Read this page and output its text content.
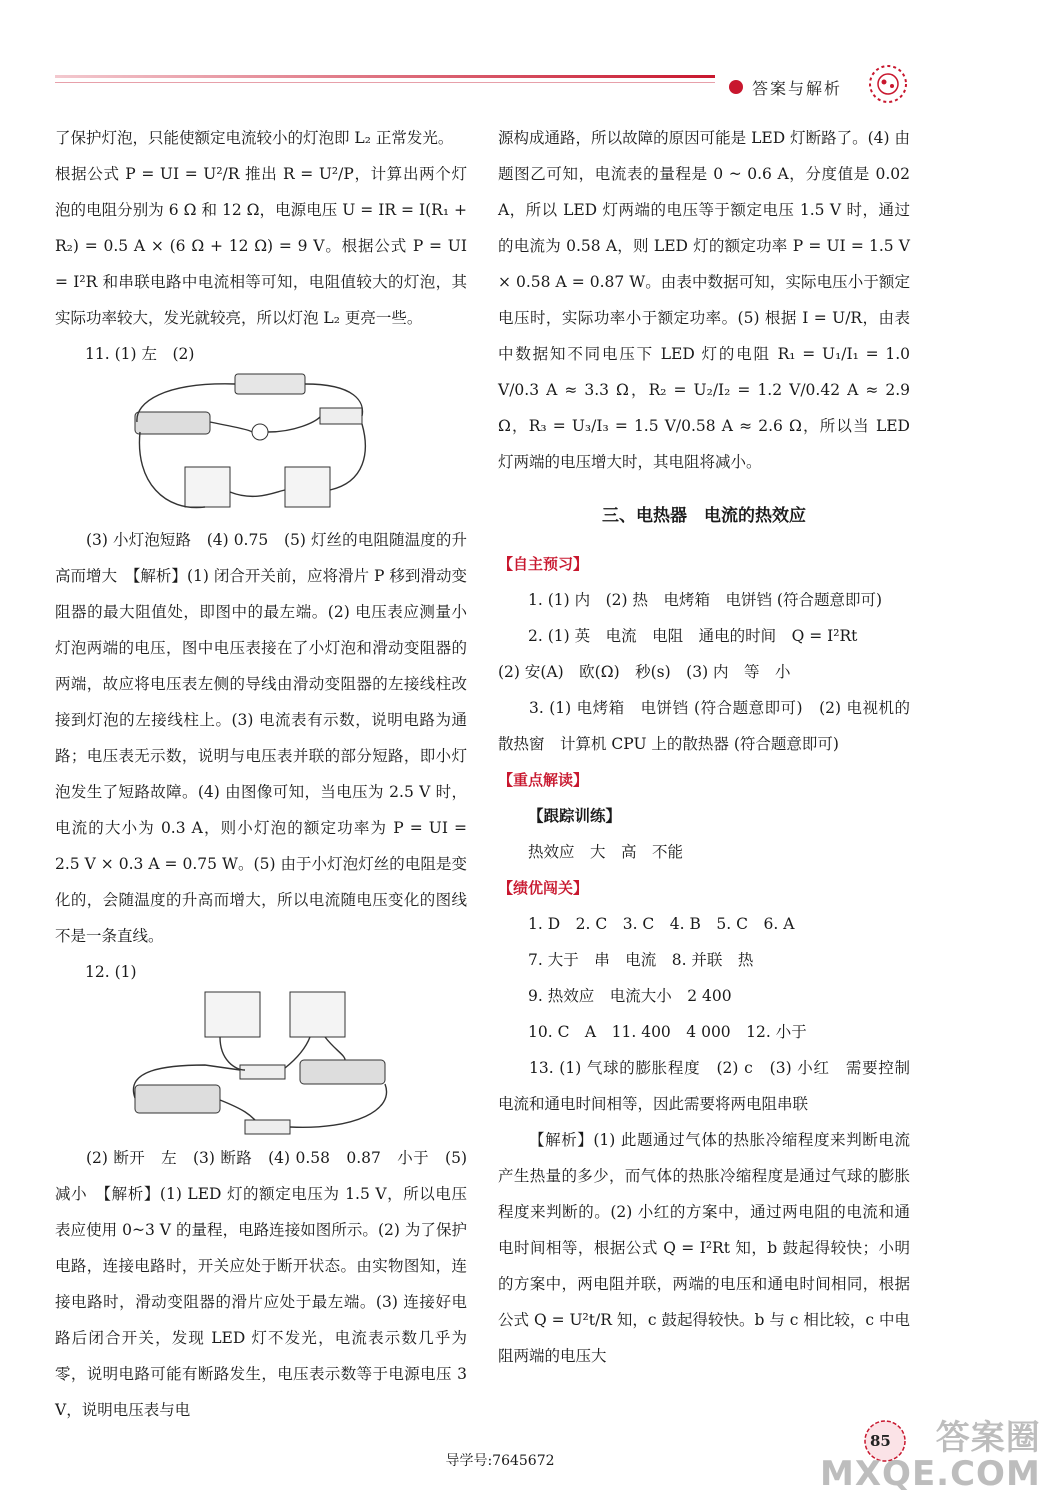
答案与解析

了保护灯泡，只能使额定电流较小的灯泡即 L₂ 正常发光。

根据公式 P = UI = U²/R 推出 R = U²/P，计算出两个灯泡的电阻分别为 6 Ω 和 12 Ω，电源电压 U = IR = I(R₁ + R₂) = 0.5 A × (6 Ω + 12 Ω) = 9 V。根据公式 P = UI = I²R 和串联电路中电流相等可知，电阻值较大的灯泡，其实际功率较大，发光就较亮，所以灯泡 L₂ 更亮一些。

11. (1) 左　(2)

(3) 小灯泡短路　(4) 0.75　(5) 灯丝的电阻随温度的升高而增大　【解析】(1) 闭合开关前，应将滑片 P 移到滑动变阻器的最大阻值处，即图中的最左端。(2) 电压表应测量小灯泡两端的电压，图中电压表接在了小灯泡和滑动变阻器的两端，故应将电压表左侧的导线由滑动变阻器的左接线柱改接到灯泡的左接线柱上。(3) 电流表有示数，说明电路为通路；电压表无示数，说明与电压表并联的部分短路，即小灯泡发生了短路故障。(4) 由图像可知，当电压为 2.5 V 时，电流的大小为 0.3 A，则小灯泡的额定功率为 P = UI = 2.5 V × 0.3 A = 0.75 W。(5) 由于小灯泡灯丝的电阻是变化的，会随温度的升高而增大，所以电流随电压变化的图线不是一条直线。

12. (1)

(2) 断开　左　(3) 断路　(4) 0.58　0.87　小于　(5) 减小　【解析】(1) LED 灯的额定电压为 1.5 V，所以电压表应使用 0~3 V 的量程，电路连接如图所示。(2) 为了保护电路，连接电路时，开关应处于断开状态。由实物图知，连接电路时，滑动变阻器的滑片应处于最左端。(3) 连接好电路后闭合开关，发现 LED 灯不发光，电流表示数几乎为零，说明电路可能有断路发生，电压表示数等于电源电压 3 V，说明电压表与电

源构成通路，所以故障的原因可能是 LED 灯断路了。(4) 由题图乙可知，电流表的量程是 0 ~ 0.6 A，分度值是 0.02 A，所以 LED 灯两端的电压等于额定电压 1.5 V 时，通过的电流为 0.58 A，则 LED 灯的额定功率 P = UI = 1.5 V × 0.58 A = 0.87 W。由表中数据可知，实际电压小于额定电压时，实际功率小于额定功率。(5) 根据 I = U/R，由表中数据知不同电压下 LED 灯的电阻 R₁ = U₁/I₁ = 1.0 V/0.3 A ≈ 3.3 Ω，R₂ = U₂/I₂ = 1.2 V/0.42 A ≈ 2.9 Ω，R₃ = U₃/I₃ = 1.5 V/0.58 A ≈ 2.6 Ω，所以当 LED 灯两端的电压增大时，其电阻将减小。

三、电热器　电流的热效应
【自主预习】

1. (1) 内　(2) 热　电烤箱　电饼铛 (符合题意即可)

2. (1) 英　电流　电阻　通电的时间　Q = I²Rt

(2) 安(A)　欧(Ω)　秒(s)　(3) 内　等　小

3. (1) 电烤箱　电饼铛 (符合题意即可)　(2) 电视机的散热窗　计算机 CPU 上的散热器 (符合题意即可)

【重点解读】

【跟踪训练】

热效应　大　高　不能

【绩优闯关】

1. D　2. C　3. C　4. B　5. C　6. A

7. 大于　串　电流　8. 并联　热

9. 热效应　电流大小　2 400

10. C　A　11. 400　4 000　12. 小于

13. (1) 气球的膨胀程度　(2) c　(3) 小红　需要控制电流和通电时间相等，因此需要将两电阻串联

【解析】(1) 此题通过气体的热胀冷缩程度来判断电流产生热量的多少，而气体的热胀冷缩程度是通过气球的膨胀程度来判断的。(2) 小红的方案中，通过两电阻的电流和通电时间相等，根据公式 Q = I²Rt 知，b 鼓起得较快；小明的方案中，两电阻并联，两端的电压和通电时间相同，根据公式 Q = U²t/R 知，c 鼓起得较快。b 与 c 相比较，c 中电阻两端的电压大

导学号:7645672
85	答案圈 MXQE.COM
